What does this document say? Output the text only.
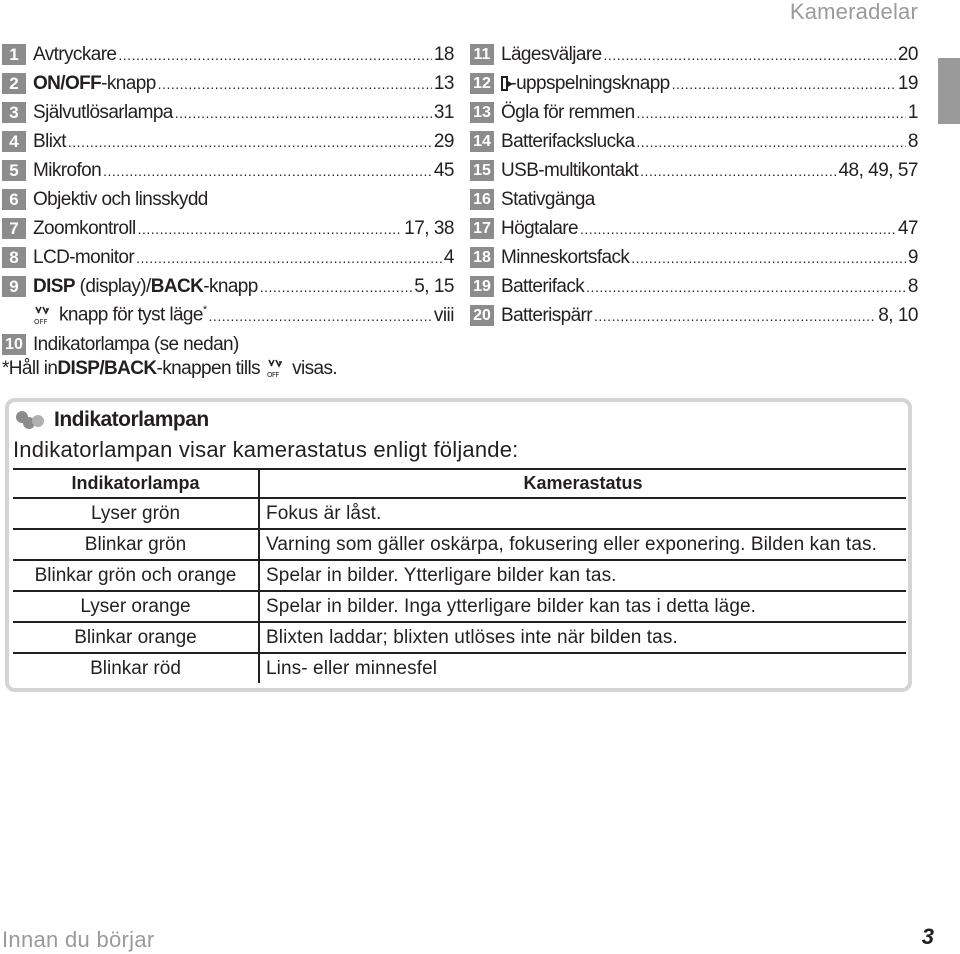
Kameradelar
1 Avtryckare .....	18
2 ON/OFF-knapp .....	13
3 Självutlösarlampa .....	31
4 Blixt .....	29
5 Mikrofon .....	45
6 Objektiv och linsskydd
7 Zoomkontroll .....	17, 38
8 LCD-monitor .....	4
9 DISP (display)/BACK-knapp .....	5, 15
OFF knapp för tyst läge* .....	viii
10 Indikatorlampa (se nedan)
*Håll in DISP/BACK -knappen tills OFF visas.
11 Lägesväljare .....	20
12 -uppspelningsknapp .....	19
13 Ögla för remmen .....	1
14 Batterifackslucka .....	8
15 USB-multikontakt .....	48, 49, 57
16 Stativgänga
17 Högtalare .....	47
18 Minneskortsfack .....	9
19 Batterifack .....	8
20 Batterispärr .....	8, 10
Indikatorlampan
Indikatorlampan visar kamerastatus enligt följande:
Indikatorlampa	Kamerastatus
Lyser grön	Fokus är låst.
Blinkar grön	Varning som gäller oskärpa, fokusering eller exponering. Bilden kan tas.
Blinkar grön och orange	Spelar in bilder. Ytterligare bilder kan tas.
Lyser orange	Spelar in bilder. Inga ytterligare bilder kan tas i detta läge.
Blinkar orange	Blixten laddar; blixten utlöses inte när bilden tas.
Blinkar röd	Lins- eller minnesfel
Innan du börjar	3
